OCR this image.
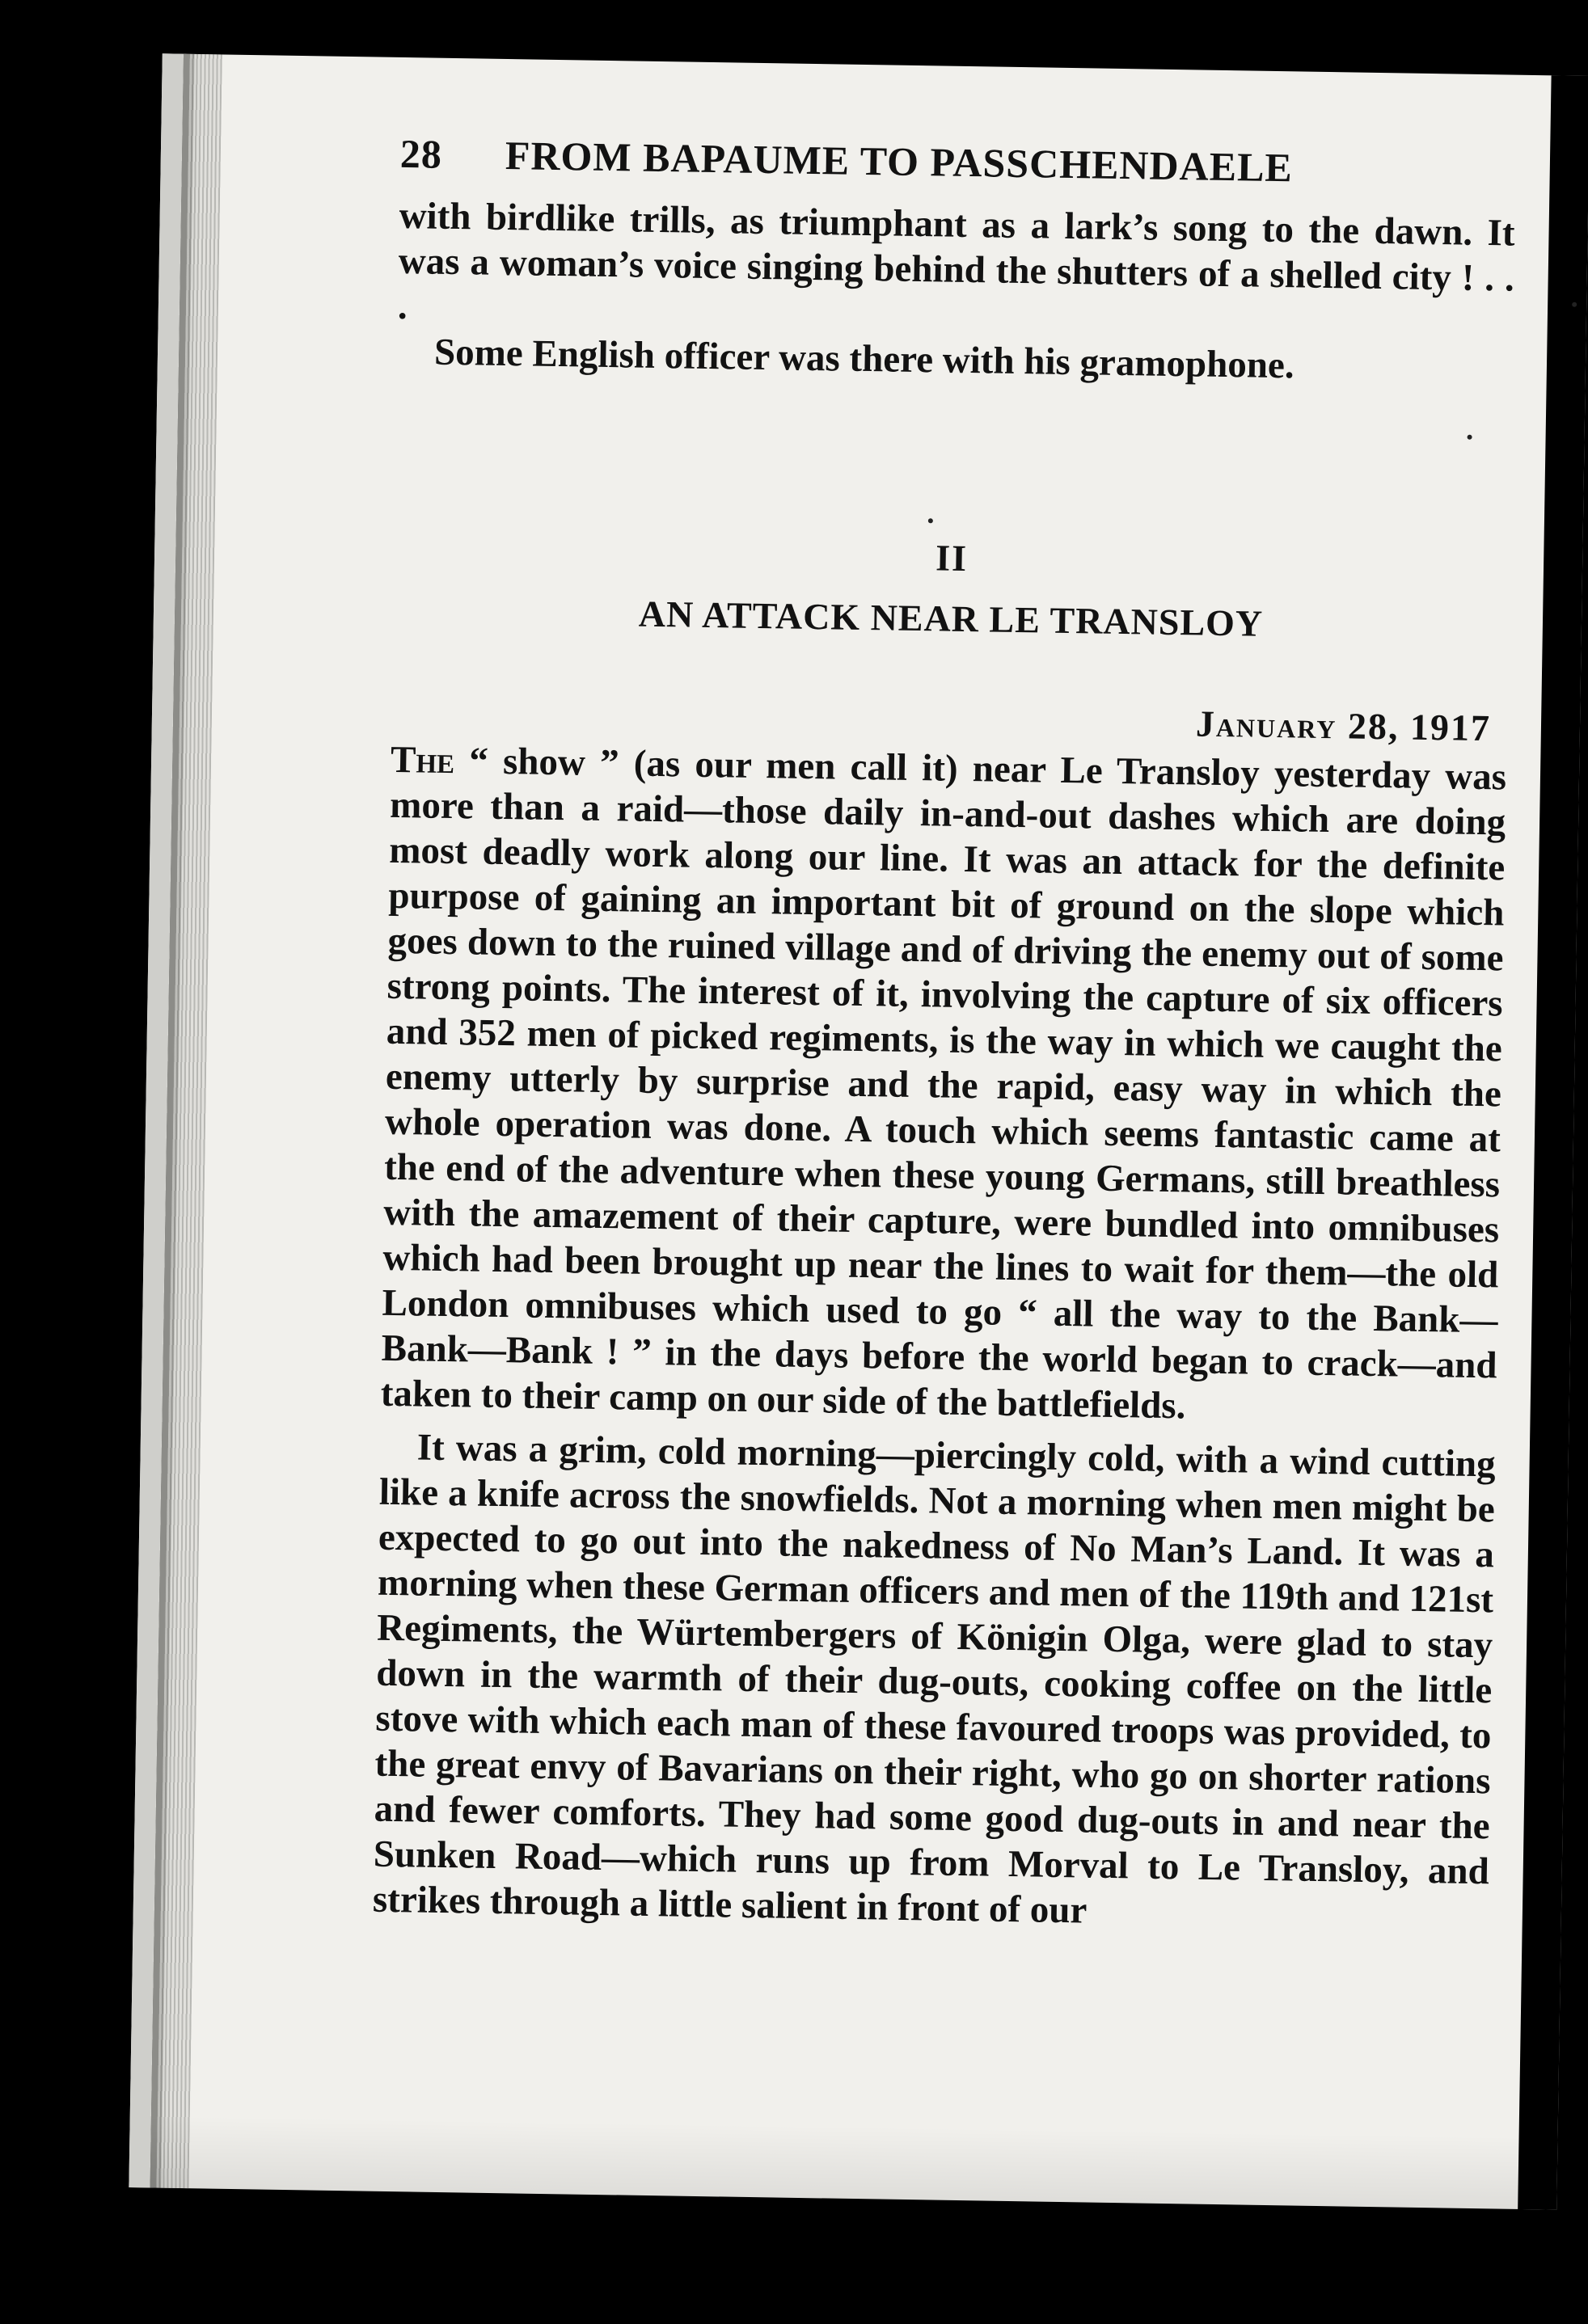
28	FROM BAPAUME TO PASSCHENDAELE

with birdlike trills, as triumphant as a lark’s song to the dawn. It was a woman’s voice singing behind the shutters of a shelled city ! . . .

Some English officer was there with his gramophone.

II
AN ATTACK NEAR LE TRANSLOY
January 28, 1917

The “ show ” (as our men call it) near Le Transloy yesterday was more than a raid—those daily in-and-out dashes which are doing most deadly work along our line. It was an attack for the definite purpose of gaining an important bit of ground on the slope which goes down to the ruined village and of driving the enemy out of some strong points. The interest of it, involving the capture of six officers and 352 men of picked regiments, is the way in which we caught the enemy utterly by surprise and the rapid, easy way in which the whole operation was done. A touch which seems fantastic came at the end of the adventure when these young Germans, still breathless with the amazement of their capture, were bundled into omnibuses which had been brought up near the lines to wait for them—the old London omnibuses which used to go “ all the way to the Bank—Bank—Bank ! ” in the days before the world began to crack—and taken to their camp on our side of the battlefields.

It was a grim, cold morning—piercingly cold, with a wind cutting like a knife across the snowfields. Not a morning when men might be expected to go out into the nakedness of No Man’s Land. It was a morning when these German officers and men of the 119th and 121st Regiments, the Würtembergers of Königin Olga, were glad to stay down in the warmth of their dug-outs, cooking coffee on the little stove with which each man of these favoured troops was provided, to the great envy of Bavarians on their right, who go on shorter rations and fewer comforts. They had some good dug-outs in and near the Sunken Road—which runs up from Morval to Le Transloy, and strikes through a little salient in front of our
